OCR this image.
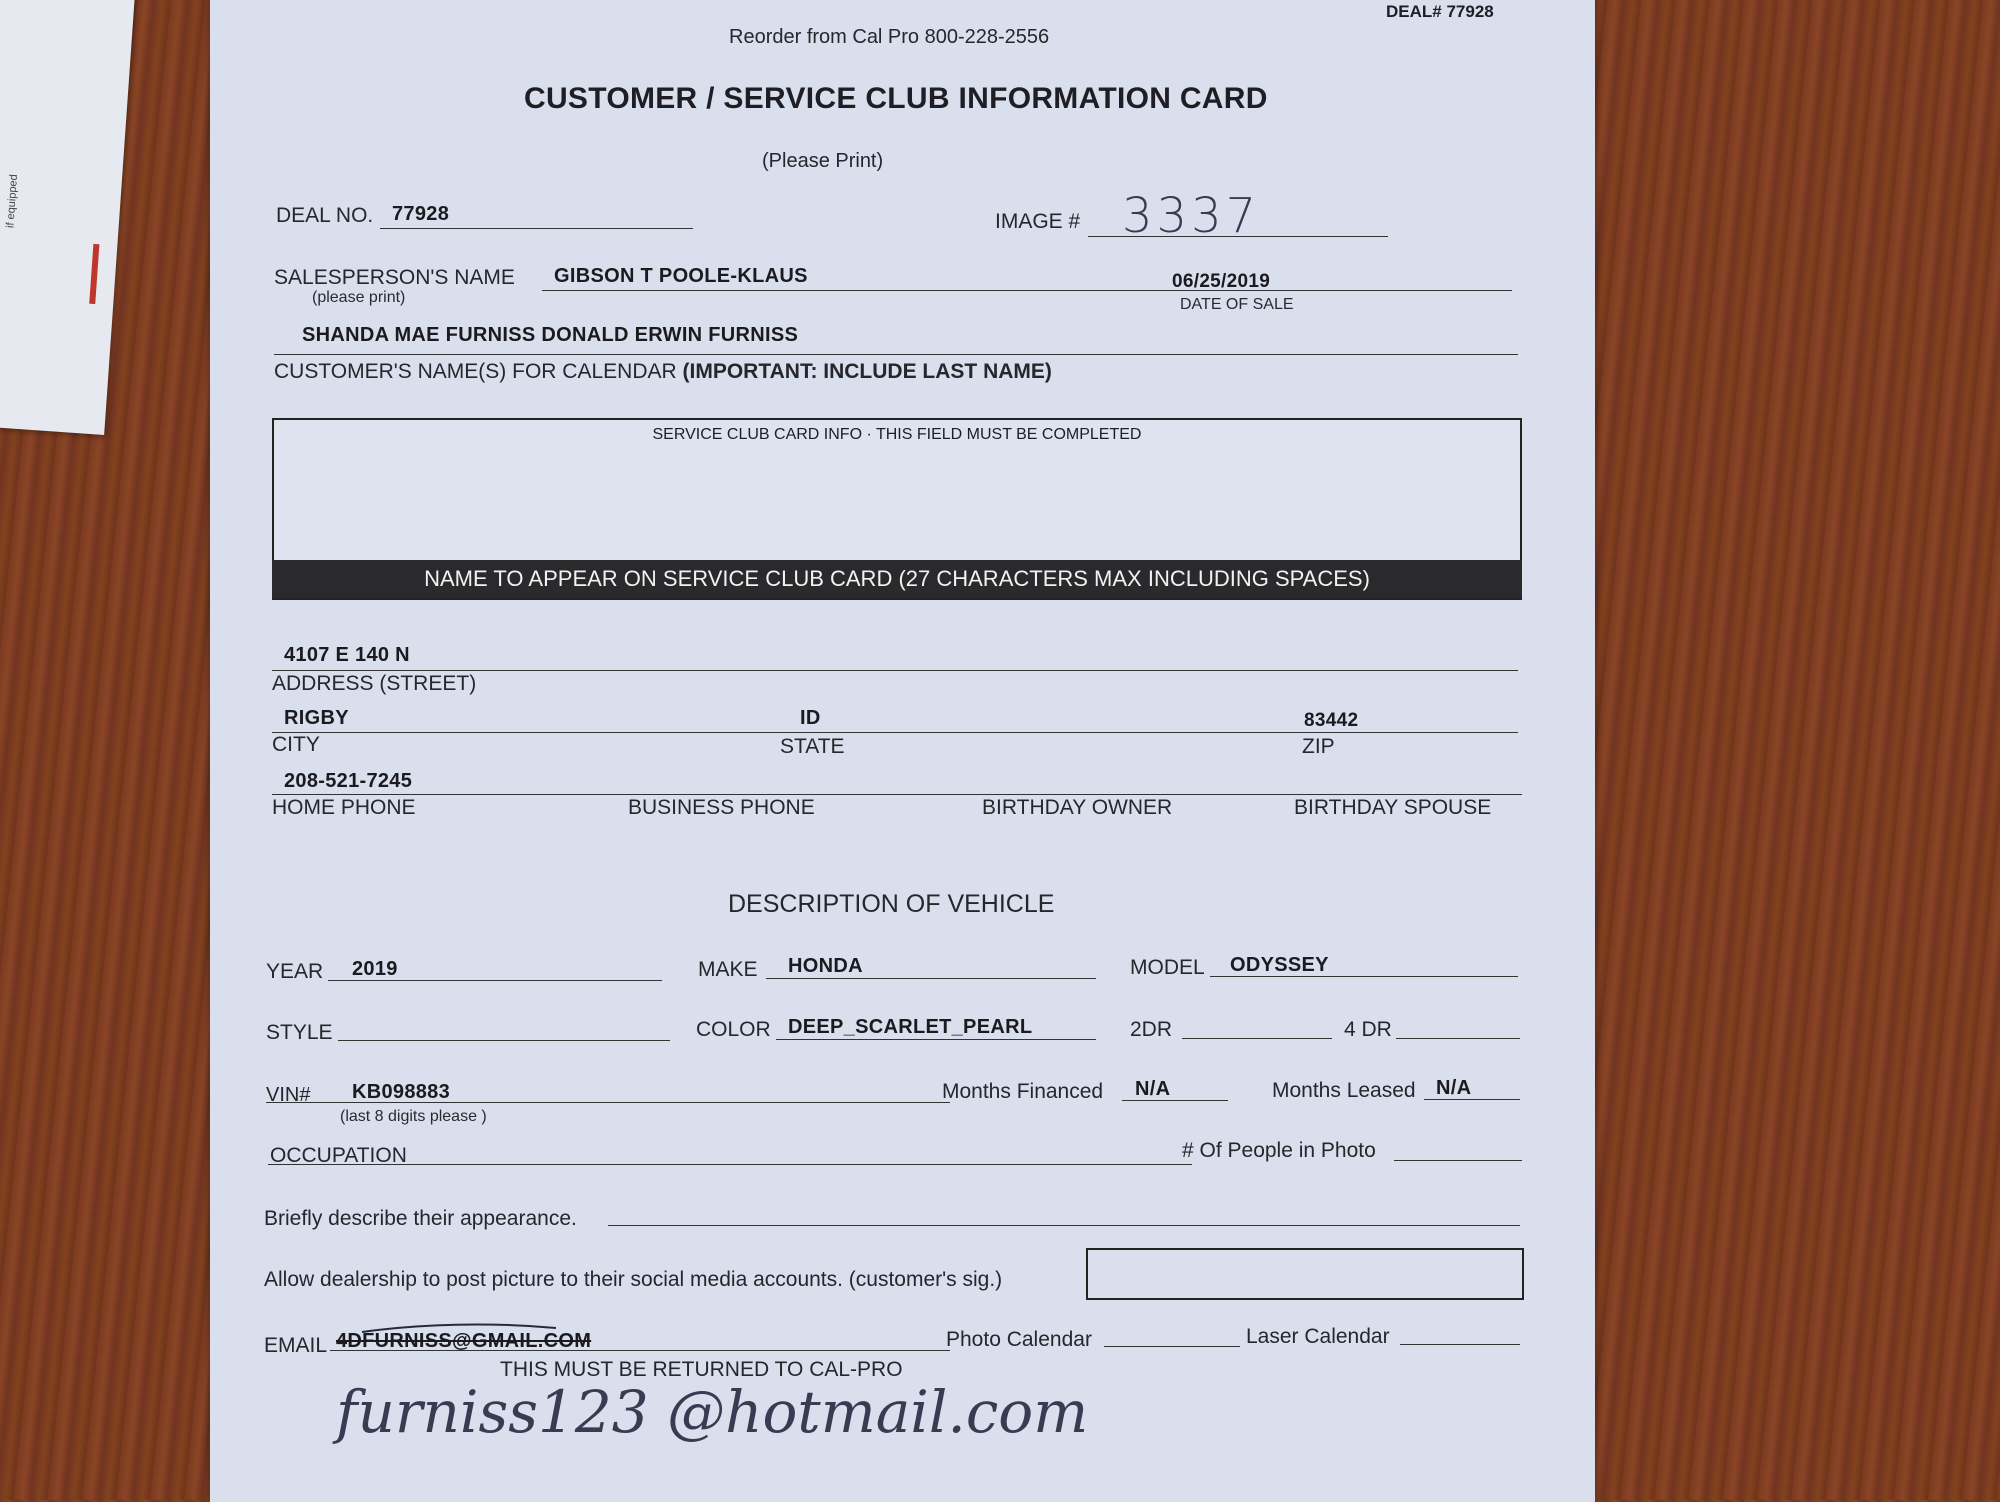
if equipped
DEAL# 77928
Reorder from Cal Pro 800-228-2556
CUSTOMER / SERVICE CLUB INFORMATION CARD
(Please Print)
DEAL NO. 77928	IMAGE # 3337
SALESPERSON'S NAME
(please print)
GIBSON T POOLE-KLAUS	06/25/2019
DATE OF SALE
SHANDA MAE FURNISS DONALD ERWIN FURNISS
CUSTOMER'S NAME(S) FOR CALENDAR (IMPORTANT: INCLUDE LAST NAME)
SERVICE CLUB CARD INFO · THIS FIELD MUST BE COMPLETED
NAME TO APPEAR ON SERVICE CLUB CARD (27 CHARACTERS MAX INCLUDING SPACES)
4107 E 140 N
ADDRESS (STREET)
RIGBY	ID	83442
CITY	STATE	ZIP
208-521-7245
HOME PHONE	BUSINESS PHONE	BIRTHDAY OWNER	BIRTHDAY SPOUSE
DESCRIPTION OF VEHICLE
YEAR 2019	MAKE HONDA	MODEL ODYSSEY
STYLE	COLOR DEEP_SCARLET_PEARL	2DR	4 DR
VIN# KB098883
(last 8 digits please )
Months Financed N/A	Months Leased N/A
OCCUPATION	# Of People in Photo
Briefly describe their appearance.
Allow dealership to post picture to their social media accounts. (customer's sig.)
EMAIL 4DFURNISS@GMAIL.COM	Photo Calendar	Laser Calendar
THIS MUST BE RETURNED TO CAL-PRO
furniss123 @hotmail.com
